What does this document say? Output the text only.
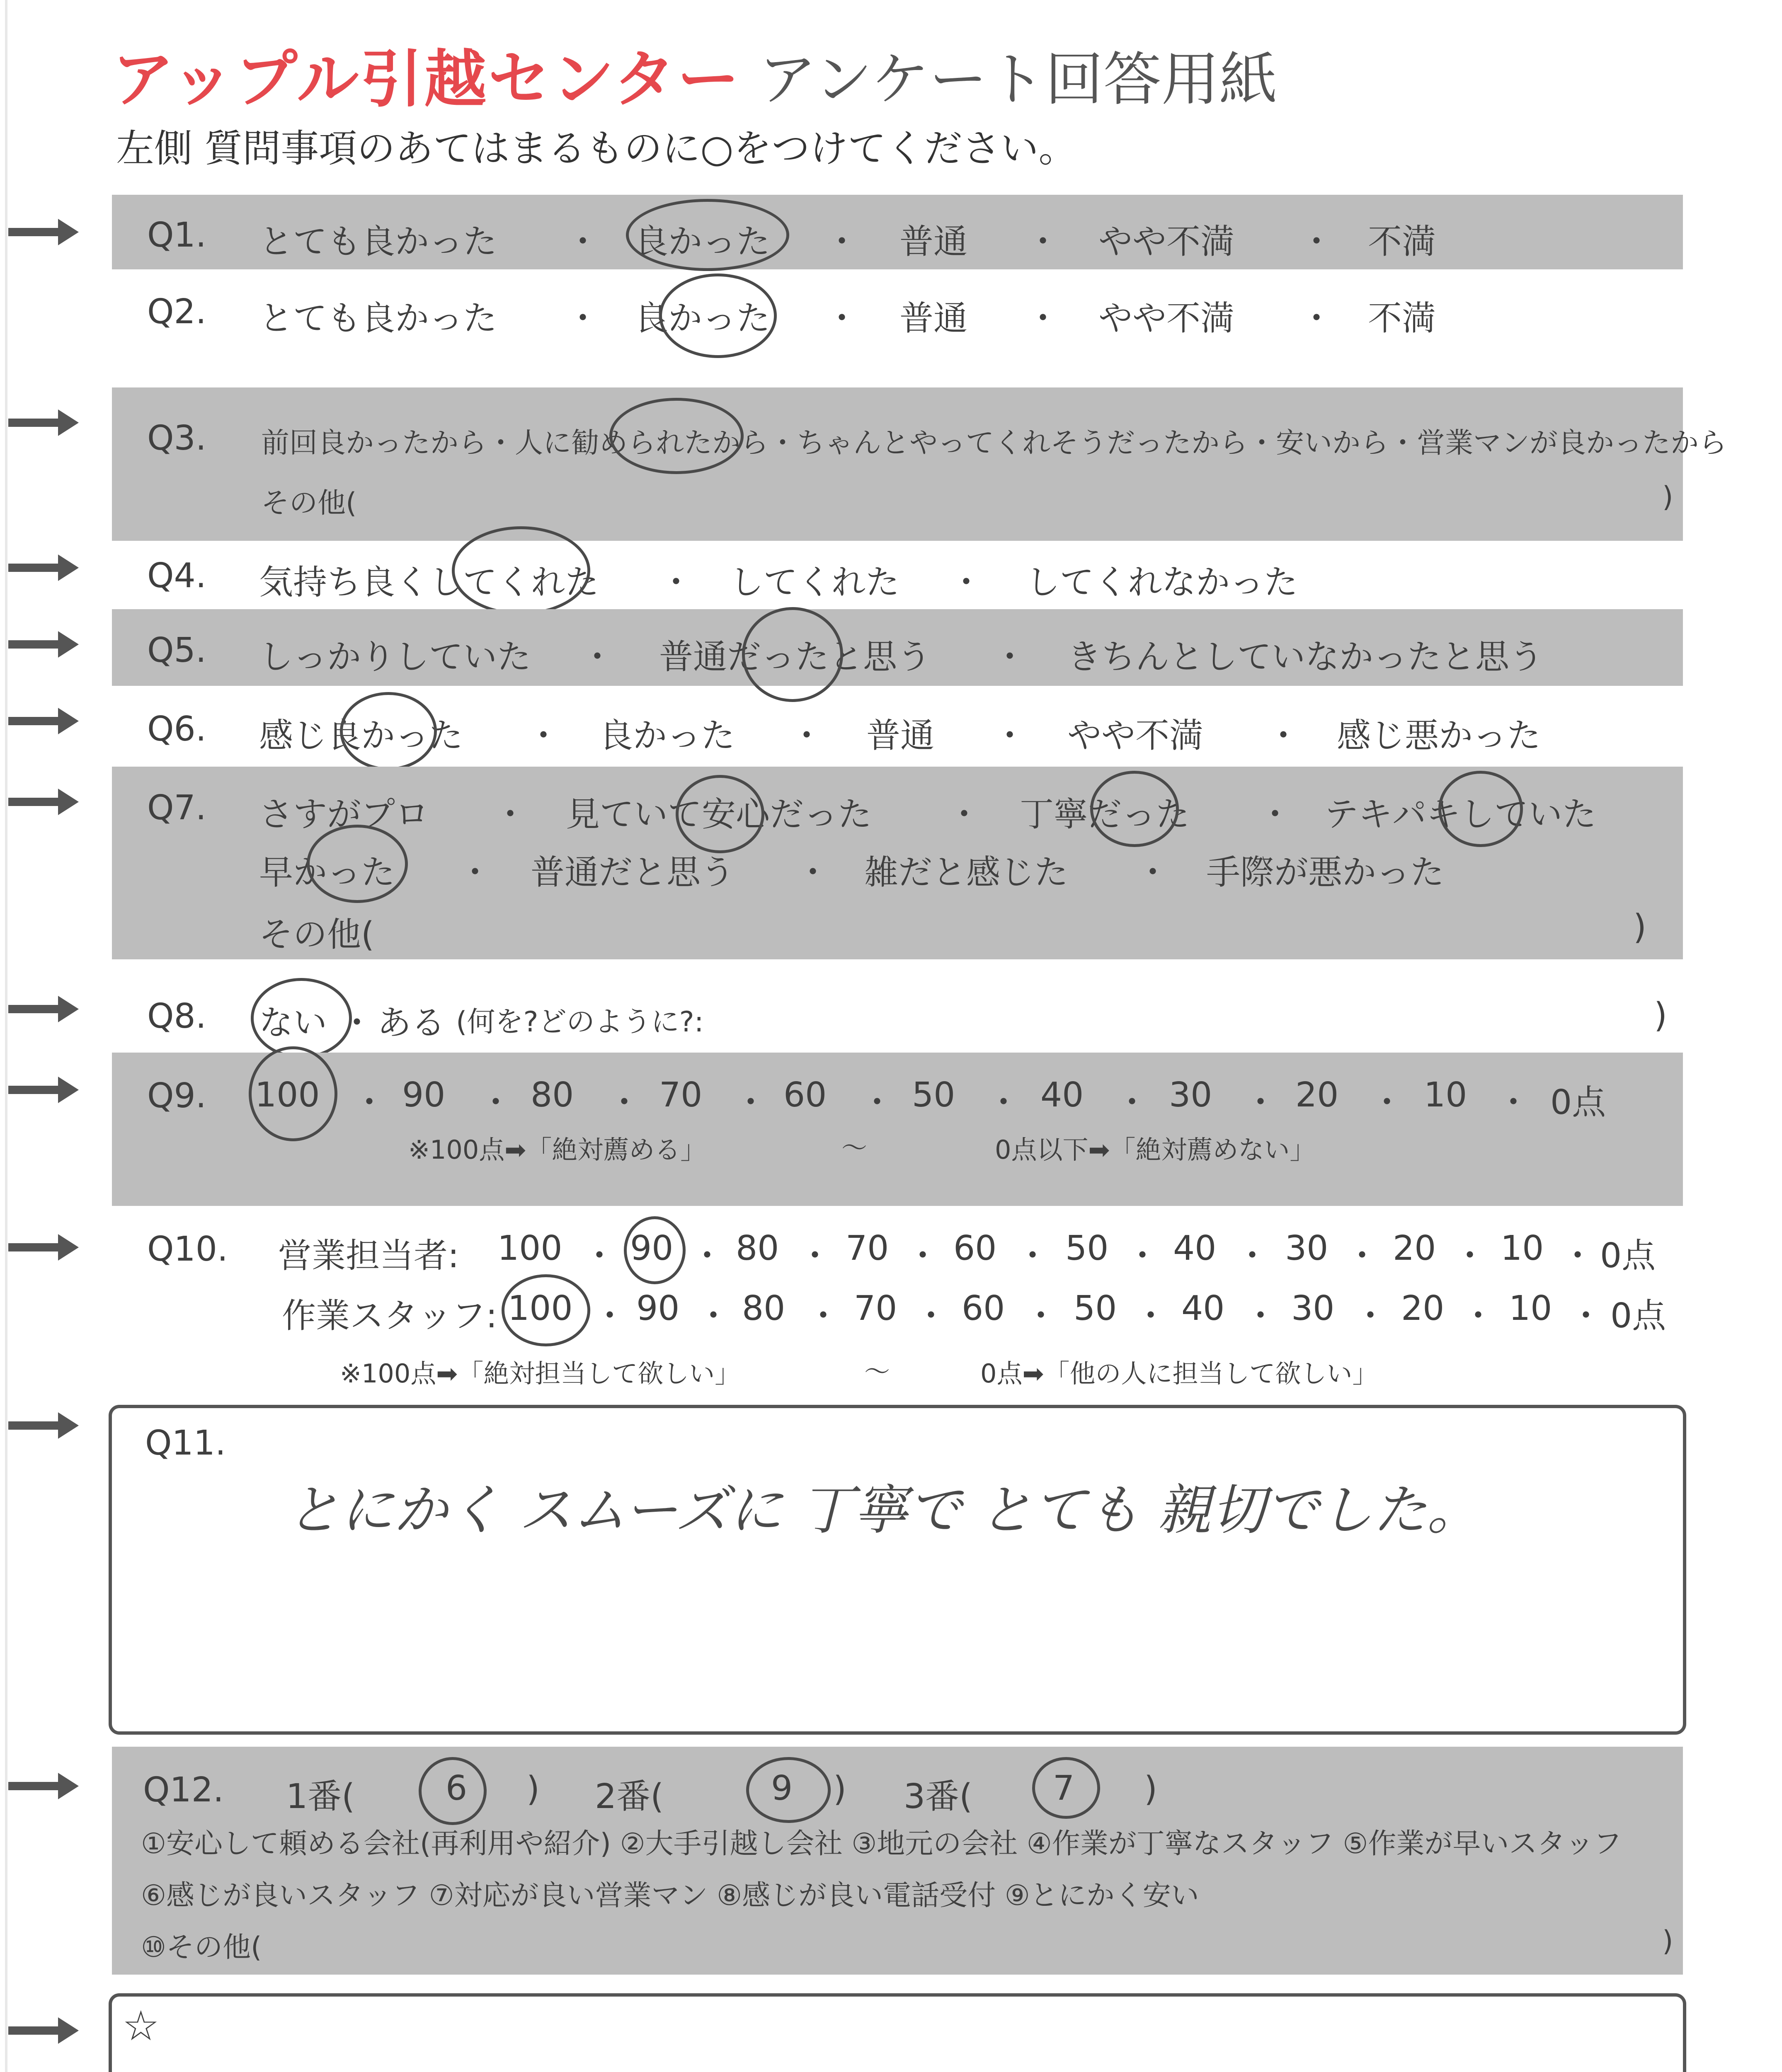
アップル引越センター アンケート回答用紙
左側 質問事項のあてはまるものに○をつけてください。
Q1. とても良かった ・ 良かった ・ 普通 ・ やや不満 ・ 不満
Q2. とても良かった ・ 良かった ・ 普通 ・ やや不満 ・ 不満
Q3. 前回良かったから・人に勧められたから・ちゃんとやってくれそうだったから・安いから・営業マンが良かったから
その他(	)
Q4. 気持ち良くしてくれた ・ してくれた ・ してくれなかった
Q5. しっかりしていた ・ 普通だったと思う ・ きちんとしていなかったと思う
Q6. 感じ良かった ・ 良かった ・ 普通 ・ やや不満 ・ 感じ悪かった
Q7. さすがプロ ・ 見ていて安心だった ・ 丁寧だった ・ テキパキしていた
早かった ・ 普通だと思う ・ 雑だと感じた ・ 手際が悪かった
その他(	)
Q8. ない ・ ある (何を?どのように?:	)
Q9. 100 90	80	70 60	50	40	30 20	10 0点
・	・	・	・	・	・	・	・	・	・
※100点➡「絶対薦める」	〜	0点以下➡「絶対薦めない」
Q10. 営業担当者: 100 90 80 70 60 50 40 30 20 10 0点
・ ・ ・ ・ ・ ・ ・ ・ ・ ・
作業スタッフ: 100 90 80 70 60 50 40 30 20 10 0点
・ ・ ・ ・ ・ ・ ・ ・ ・ ・
※100点➡「絶対担当して欲しい」	〜	0点➡「他の人に担当して欲しい」
Q11.
とにかく スムーズに 丁寧で とても 親切でした。
Q12. 1番(	6 ) 2番(	9 ) 3番( 7 )
①安心して頼める会社(再利用や紹介) ②大手引越し会社 ③地元の会社 ④作業が丁寧なスタッフ ⑤作業が早いスタッフ
⑥感じが良いスタッフ ⑦対応が良い営業マン ⑧感じが良い電話受付 ⑨とにかく安い
⑩その他(	)
☆
